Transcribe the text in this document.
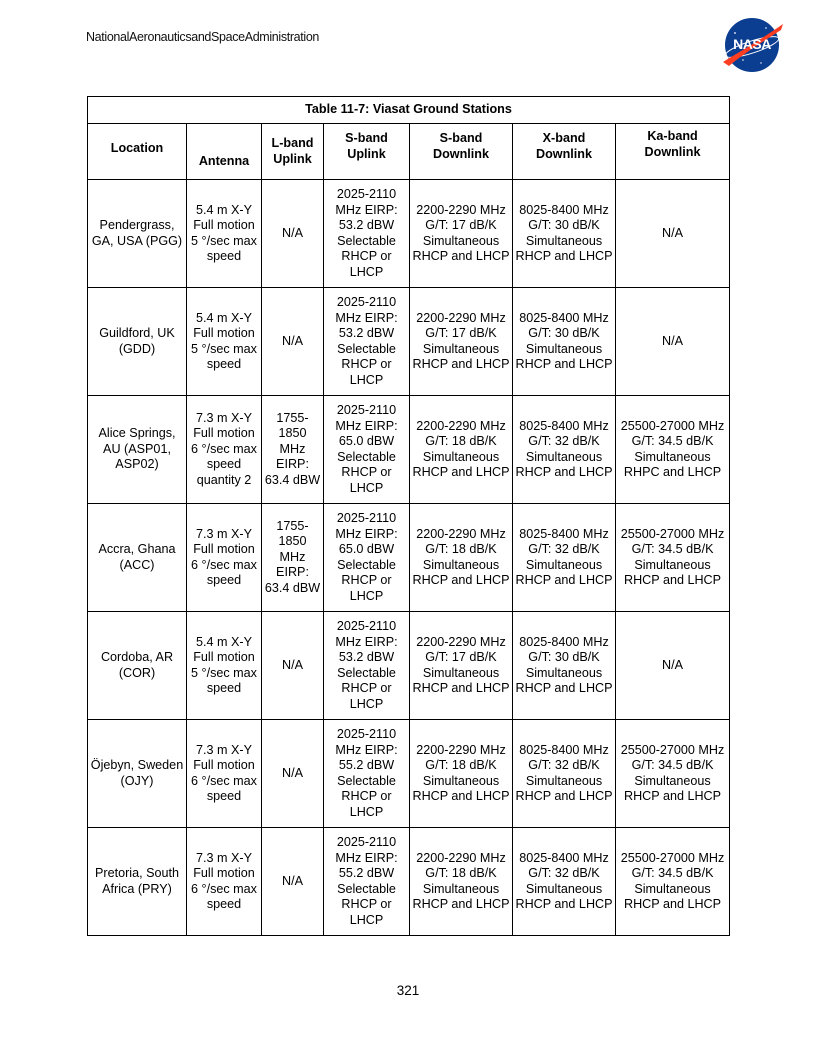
NationalAeronauticsandSpaceAdministration	NASA
Table 11-7: Viasat Ground Stations						
Location	Antenna	L-band Uplink	S-band Uplink	S-band Downlink	X-band Downlink	Ka-band Downlink
Pendergrass, GA, USA (PGG)	5.4 m X-Y Full motion 5 °/sec max speed	N/A	2025-2110 MHz EIRP: 53.2 dBW Selectable RHCP or LHCP	2200-2290 MHz G/T: 17 dB/K Simultaneous RHCP and LHCP	8025-8400 MHz G/T: 30 dB/K Simultaneous RHCP and LHCP	N/A
Guildford, UK (GDD)	5.4 m X-Y Full motion 5 °/sec max speed	N/A	2025-2110 MHz EIRP: 53.2 dBW Selectable RHCP or LHCP	2200-2290 MHz G/T: 17 dB/K Simultaneous RHCP and LHCP	8025-8400 MHz G/T: 30 dB/K Simultaneous RHCP and LHCP	N/A
Alice Springs, AU (ASP01, ASP02)	7.3 m X-Y Full motion 6 °/sec max speed quantity 2	1755-1850 MHz EIRP: 63.4 dBW	2025-2110 MHz EIRP: 65.0 dBW Selectable RHCP or LHCP	2200-2290 MHz G/T: 18 dB/K Simultaneous RHCP and LHCP	8025-8400 MHz G/T: 32 dB/K Simultaneous RHCP and LHCP	25500-27000 MHz G/T: 34.5 dB/K Simultaneous RHPC and LHCP
Accra, Ghana (ACC)	7.3 m X-Y Full motion 6 °/sec max speed	1755-1850 MHz EIRP: 63.4 dBW	2025-2110 MHz EIRP: 65.0 dBW Selectable RHCP or LHCP	2200-2290 MHz G/T: 18 dB/K Simultaneous RHCP and LHCP	8025-8400 MHz G/T: 32 dB/K Simultaneous RHCP and LHCP	25500-27000 MHz G/T: 34.5 dB/K Simultaneous RHCP and LHCP
Cordoba, AR (COR)	5.4 m X-Y Full motion 5 °/sec max speed	N/A	2025-2110 MHz EIRP: 53.2 dBW Selectable RHCP or LHCP	2200-2290 MHz G/T: 17 dB/K Simultaneous RHCP and LHCP	8025-8400 MHz G/T: 30 dB/K Simultaneous RHCP and LHCP	N/A
Öjebyn, Sweden (OJY)	7.3 m X-Y Full motion 6 °/sec max speed	N/A	2025-2110 MHz EIRP: 55.2 dBW Selectable RHCP or LHCP	2200-2290 MHz G/T: 18 dB/K Simultaneous RHCP and LHCP	8025-8400 MHz G/T: 32 dB/K Simultaneous RHCP and LHCP	25500-27000 MHz G/T: 34.5 dB/K Simultaneous RHCP and LHCP
Pretoria, South Africa (PRY)	7.3 m X-Y Full motion 6 °/sec max speed	N/A	2025-2110 MHz EIRP: 55.2 dBW Selectable RHCP or LHCP	2200-2290 MHz G/T: 18 dB/K Simultaneous RHCP and LHCP	8025-8400 MHz G/T: 32 dB/K Simultaneous RHCP and LHCP	25500-27000 MHz G/T: 34.5 dB/K Simultaneous RHCP and LHCP
321
